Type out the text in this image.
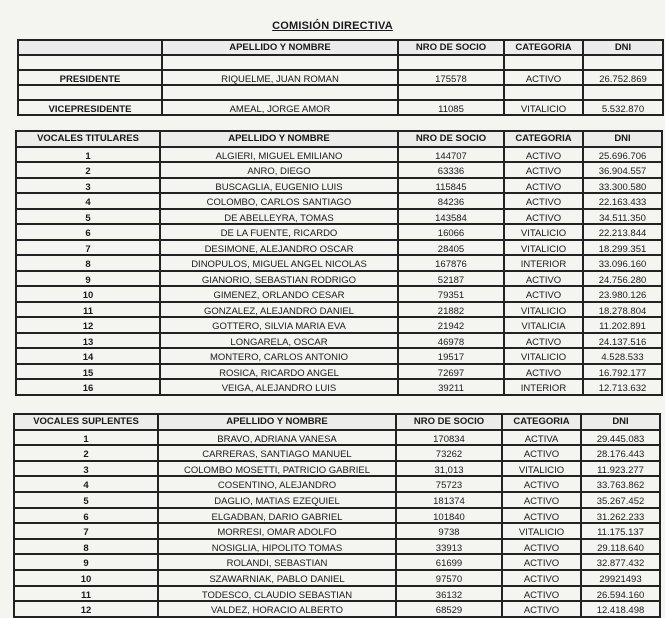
COMISIÓN DIRECTIVA
	APELLIDO Y NOMBRE	NRO DE SOCIO	CATEGORIA	DNI

PRESIDENTE	RIQUELME, JUAN ROMAN	175578	ACTIVO	26.752.869

VICEPRESIDENTE	AMEAL, JORGE AMOR	11085	VITALICIO	5.532.870
VOCALES TITULARES	APELLIDO Y NOMBRE	NRO DE SOCIO	CATEGORIA	DNI
1	ALGIERI, MIGUEL EMILIANO	144707	ACTIVO	25.696.706
2	ANRO, DIEGO	63336	ACTIVO	36.904.557
3	BUSCAGLIA, EUGENIO LUIS	115845	ACTIVO	33.300.580
4	COLOMBO, CARLOS SANTIAGO	84236	ACTIVO	22.163.433
5	DE ABELLEYRA, TOMAS	143584	ACTIVO	34.511.350
6	DE LA FUENTE, RICARDO	16066	VITALICIO	22.213.844
7	DESIMONE, ALEJANDRO OSCAR	28405	VITALICIO	18.299.351
8	DINOPULOS, MIGUEL ANGEL NICOLAS	167876	INTERIOR	33.096.160
9	GIANORIO, SEBASTIAN RODRIGO	52187	ACTIVO	24.756.280
10	GIMENEZ, ORLANDO CESAR	79351	ACTIVO	23.980.126
11	GONZALEZ, ALEJANDRO DANIEL	21882	VITALICIO	18.278.804
12	GOTTERO, SILVIA MARIA EVA	21942	VITALICIA	11.202.891
13	LONGARELA, OSCAR	46978	ACTIVO	24.137.516
14	MONTERO, CARLOS ANTONIO	19517	VITALICIO	4.528.533
15	ROSICA, RICARDO ANGEL	72697	ACTIVO	16.792.177
16	VEIGA, ALEJANDRO LUIS	39211	INTERIOR	12.713.632
VOCALES SUPLENTES	APELLIDO Y NOMBRE	NRO DE SOCIO	CATEGORIA	DNI
1	BRAVO, ADRIANA VANESA	170834	ACTIVA	29.445.083
2	CARRERAS, SANTIAGO MANUEL	73262	ACTIVO	28.176.443
3	COLOMBO MOSETTI, PATRICIO GABRIEL	31,013	VITALICIO	11.923.277
4	COSENTINO, ALEJANDRO	75723	ACTIVO	33.763.862
5	DAGLIO, MATIAS EZEQUIEL	181374	ACTIVO	35.267.452
6	ELGADBAN, DARIO GABRIEL	101840	ACTIVO	31.262.233
7	MORRESI, OMAR ADOLFO	9738	VITALICIO	11.175.137
8	NOSIGLIA, HIPOLITO TOMAS	33913	ACTIVO	29.118.640
9	ROLANDI, SEBASTIAN	61699	ACTIVO	32.877.432
10	SZAWARNIAK, PABLO DANIEL	97570	ACTIVO	29921493
11	TODESCO, CLAUDIO SEBASTIAN	36132	ACTIVO	26.594.160
12	VALDEZ, HORACIO ALBERTO	68529	ACTIVO	12.418.498
